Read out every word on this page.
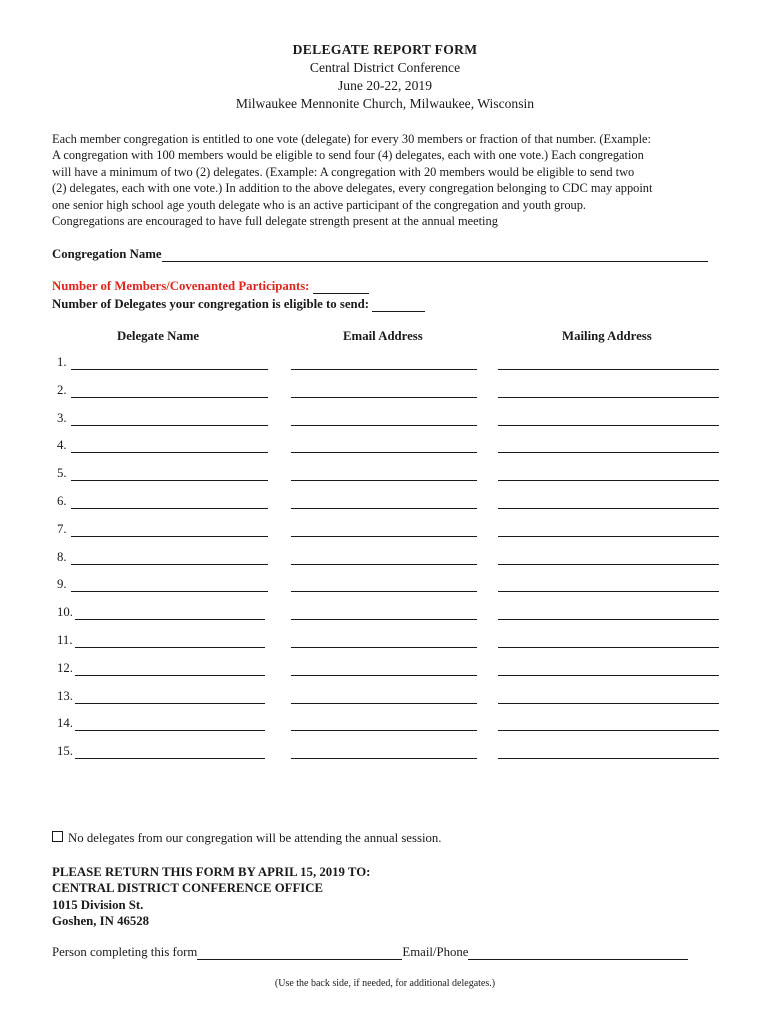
DELEGATE REPORT FORM
Central District Conference
June 20-22, 2019
Milwaukee Mennonite Church, Milwaukee, Wisconsin
Each member congregation is entitled to one vote (delegate) for every 30 members or fraction of that number. (Example:
A congregation with 100 members would be eligible to send four (4) delegates, each with one vote.) Each congregation
will have a minimum of two (2) delegates. (Example: A congregation with 20 members would be eligible to send two
(2) delegates, each with one vote.) In addition to the above delegates, every congregation belonging to CDC may appoint
one senior high school age youth delegate who is an active participant of the congregation and youth group.
Congregations are encouraged to have full delegate strength present at the annual meeting
Congregation Name
Number of Members/Covenanted Participants:
Number of Delegates your congregation is eligible to send:
Delegate Name	Email Address	Mailing Address
1.
2.
3.
4.
5.
6.
7.
8.
9.
10.
11.
12.
13.
14.
15.
No delegates from our congregation will be attending the annual session.
PLEASE RETURN THIS FORM BY APRIL 15, 2019 TO:
CENTRAL DISTRICT CONFERENCE OFFICE
1015 Division St.
Goshen, IN 46528
Person completing this form	Email/Phone
(Use the back side, if needed, for additional delegates.)
